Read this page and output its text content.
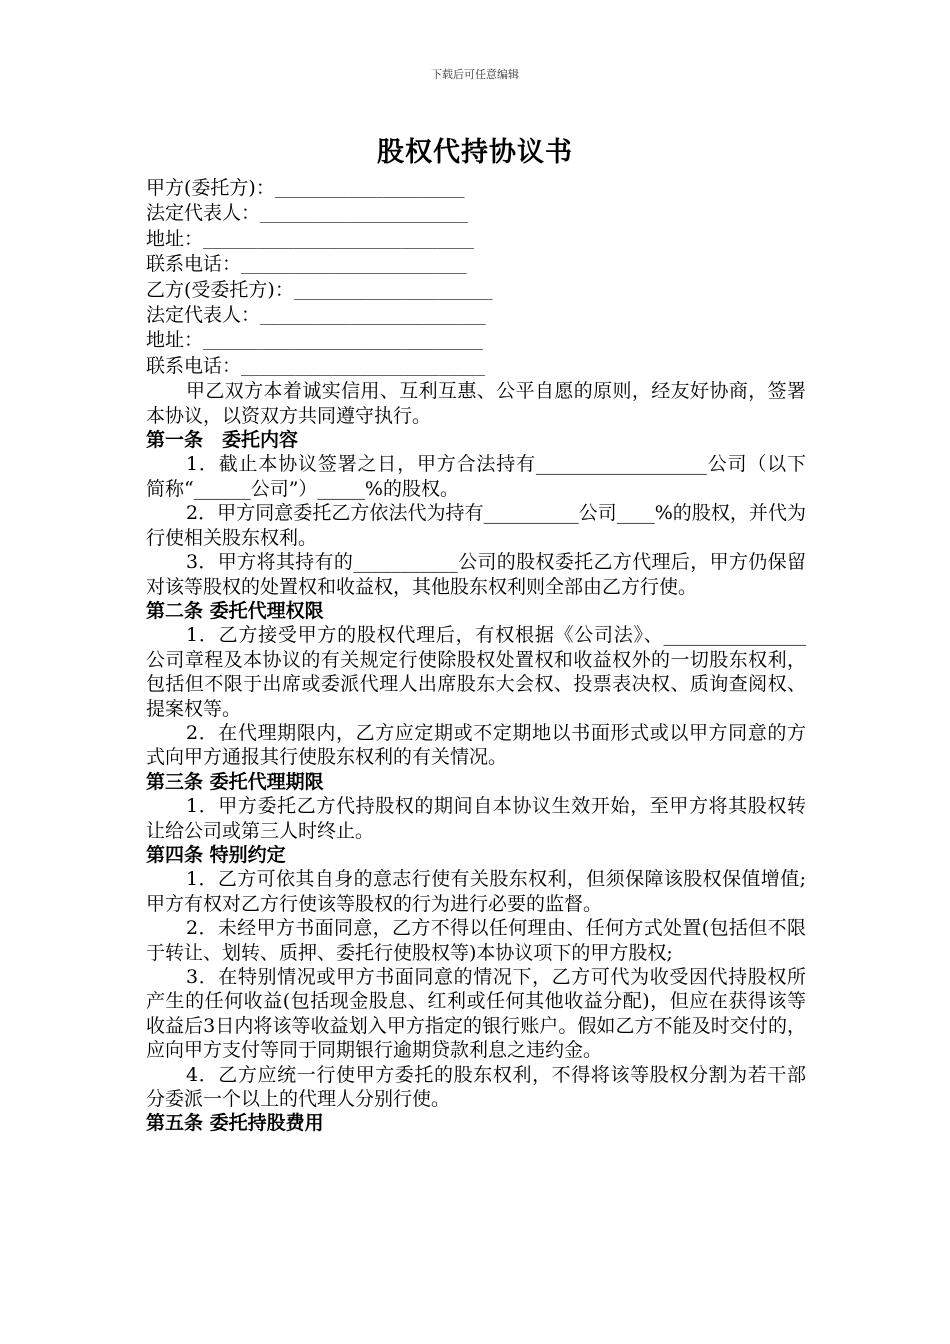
下载后可任意编辑
股权代持协议书
甲方(委托方)：_____________________
法定代表人：_______________________
地址：______________________________
联系电话：_________________________
乙方(受委托方)：______________________
法定代表人：_________________________
地址：_______________________________
联系电话：___________________________
甲乙双方本着诚实信用、互利互惠、公平自愿的原则，经友好协商，签署本协议，以资双方共同遵守执行。
第一条　委托内容
1．截止本协议签署之日，甲方合法持有__________________公司（以下简称“______公司”）_____%的股权。
2．甲方同意委托乙方依法代为持有__________公司____%的股权，并代为行使相关股东权利。
3．甲方将其持有的___________公司的股权委托乙方代理后，甲方仍保留对该等股权的处置权和收益权，其他股东权利则全部由乙方行使。
第二条 委托代理权限
1．乙方接受甲方的股权代理后，有权根据《公司法》、_______________公司章程及本协议的有关规定行使除股权处置权和收益权外的一切股东权利，包括但不限于出席或委派代理人出席股东大会权、投票表决权、质询查阅权、提案权等。
2．在代理期限内，乙方应定期或不定期地以书面形式或以甲方同意的方式向甲方通报其行使股东权利的有关情况。
第三条 委托代理期限
1．甲方委托乙方代持股权的期间自本协议生效开始，至甲方将其股权转让给公司或第三人时终止。
第四条 特别约定
1．乙方可依其自身的意志行使有关股东权利，但须保障该股权保值增值;甲方有权对乙方行使该等股权的行为进行必要的监督。
2．未经甲方书面同意，乙方不得以任何理由、任何方式处置(包括但不限于转让、划转、质押、委托行使股权等)本协议项下的甲方股权;
3．在特别情况或甲方书面同意的情况下，乙方可代为收受因代持股权所产生的任何收益(包括现金股息、红利或任何其他收益分配)，但应在获得该等收益后3日内将该等收益划入甲方指定的银行账户。假如乙方不能及时交付的，应向甲方支付等同于同期银行逾期贷款利息之违约金。
4．乙方应统一行使甲方委托的股东权利，不得将该等股权分割为若干部分委派一个以上的代理人分别行使。
第五条 委托持股费用
